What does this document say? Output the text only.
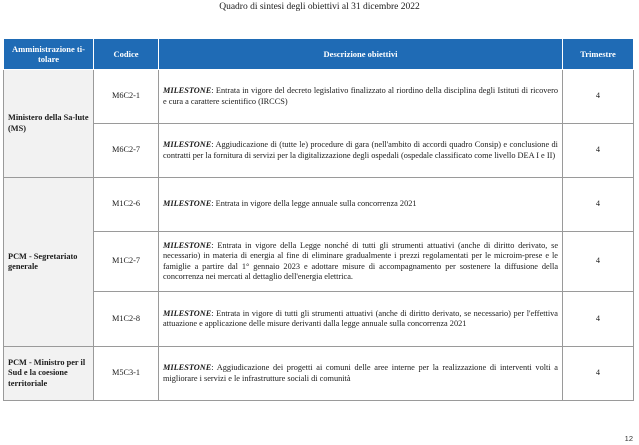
Quadro di sintesi degli obiettivi al 31 dicembre 2022
Amministrazione ti-tolare	Codice	Descrizione obiettivi	Trimestre
Ministero della Sa-lute (MS)	M6C2-1	MILESTONE: Entrata in vigore del decreto legislativo finalizzato al riordino della disciplina degli Istituti di ricovero e cura a carattere scientifico (IRCCS)	4
	M6C2-7	MILESTONE: Aggiudicazione di (tutte le) procedure di gara (nell'ambito di accordi quadro Consip) e conclusione di contratti per la fornitura di servizi per la digitalizzazione degli ospedali (ospedale classificato come livello DEA I e II)	4
PCM - Segretariato generale	M1C2-6	MILESTONE: Entrata in vigore della legge annuale sulla concorrenza 2021	4
	M1C2-7	MILESTONE: Entrata in vigore della Legge nonché di tutti gli strumenti attuativi (anche di diritto derivato, se necessario) in materia di energia al fine di eliminare gradualmente i prezzi regolamentati per le microim-prese e le famiglie a partire dal 1° gennaio 2023 e adottare misure di accompagnamento per sostenere la diffusione della concorrenza nei mercati al dettaglio dell'energia elettrica.	4
	M1C2-8	MILESTONE: Entrata in vigore di tutti gli strumenti attuativi (anche di diritto derivato, se necessario) per l'effettiva attuazione e applicazione delle misure derivanti dalla legge annuale sulla concorrenza 2021	4
PCM - Ministro per il Sud e la coesione territoriale	M5C3-1	MILESTONE: Aggiudicazione dei progetti ai comuni delle aree interne per la realizzazione di interventi volti a migliorare i servizi e le infrastrutture sociali di comunità	4
12
